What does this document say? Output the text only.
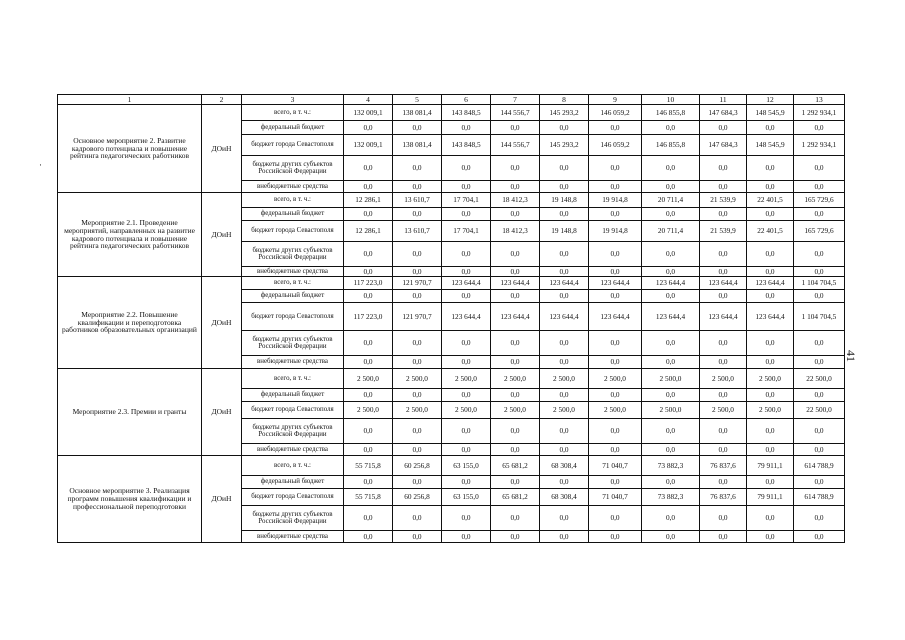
·
41
1	2	3	4	5	6	7	8	9	10	11	12	13
Основное мероприятие 2. Развитие кадрового потенциала и повышение рейтинга педагогических работников	ДОиН	всего, в т. ч.:	132 009,1	138 081,4	143 848,5	144 556,7	145 293,2	146 059,2	146 855,8	147 684,3	148 545,9	1 292 934,1
		федеральный бюджет	0,0	0,0	0,0	0,0	0,0	0,0	0,0	0,0	0,0	0,0
		бюджет города Севастополя	132 009,1	138 081,4	143 848,5	144 556,7	145 293,2	146 059,2	146 855,8	147 684,3	148 545,9	1 292 934,1
		бюджеты других субъектов Российской Федерации	0,0	0,0	0,0	0,0	0,0	0,0	0,0	0,0	0,0	0,0
		внебюджетные средства	0,0	0,0	0,0	0,0	0,0	0,0	0,0	0,0	0,0	0,0
Мероприятие 2.1. Проведение мероприятий, направленных на развитие кадрового потенциала и повышение рейтинга педагогических работников	ДОиН	всего, в т. ч.:	12 286,1	13 610,7	17 704,1	18 412,3	19 148,8	19 914,8	20 711,4	21 539,9	22 401,5	165 729,6
		федеральный бюджет	0,0	0,0	0,0	0,0	0,0	0,0	0,0	0,0	0,0	0,0
		бюджет города Севастополя	12 286,1	13 610,7	17 704,1	18 412,3	19 148,8	19 914,8	20 711,4	21 539,9	22 401,5	165 729,6
		бюджеты других субъектов Российской Федерации	0,0	0,0	0,0	0,0	0,0	0,0	0,0	0,0	0,0	0,0
		внебюджетные средства	0,0	0,0	0,0	0,0	0,0	0,0	0,0	0,0	0,0	0,0
Мероприятие 2.2. Повышение квалификации и переподготовка работников образовательных организаций	ДОиН	всего, в т. ч.:	117 223,0	121 970,7	123 644,4	123 644,4	123 644,4	123 644,4	123 644,4	123 644,4	123 644,4	1 104 704,5
		федеральный бюджет	0,0	0,0	0,0	0,0	0,0	0,0	0,0	0,0	0,0	0,0
		бюджет города Севастополя	117 223,0	121 970,7	123 644,4	123 644,4	123 644,4	123 644,4	123 644,4	123 644,4	123 644,4	1 104 704,5
		бюджеты других субъектов Российской Федерации	0,0	0,0	0,0	0,0	0,0	0,0	0,0	0,0	0,0	0,0
		внебюджетные средства	0,0	0,0	0,0	0,0	0,0	0,0	0,0	0,0	0,0	0,0
Мероприятие 2.3. Премии и гранты	ДОиН	всего, в т. ч.:	2 500,0	2 500,0	2 500,0	2 500,0	2 500,0	2 500,0	2 500,0	2 500,0	2 500,0	22 500,0
		федеральный бюджет	0,0	0,0	0,0	0,0	0,0	0,0	0,0	0,0	0,0	0,0
		бюджет города Севастополя	2 500,0	2 500,0	2 500,0	2 500,0	2 500,0	2 500,0	2 500,0	2 500,0	2 500,0	22 500,0
		бюджеты других субъектов Российской Федерации	0,0	0,0	0,0	0,0	0,0	0,0	0,0	0,0	0,0	0,0
		внебюджетные средства	0,0	0,0	0,0	0,0	0,0	0,0	0,0	0,0	0,0	0,0
Основное мероприятие 3. Реализация программ повышения квалификации и профессиональной переподготовки	ДОиН	всего, в т. ч.:	55 715,8	60 256,8	63 155,0	65 681,2	68 308,4	71 040,7	73 882,3	76 837,6	79 911,1	614 788,9
		федеральный бюджет	0,0	0,0	0,0	0,0	0,0	0,0	0,0	0,0	0,0	0,0
		бюджет города Севастополя	55 715,8	60 256,8	63 155,0	65 681,2	68 308,4	71 040,7	73 882,3	76 837,6	79 911,1	614 788,9
		бюджеты других субъектов Российской Федерации	0,0	0,0	0,0	0,0	0,0	0,0	0,0	0,0	0,0	0,0
		внебюджетные средства	0,0	0,0	0,0	0,0	0,0	0,0	0,0	0,0	0,0	0,0
